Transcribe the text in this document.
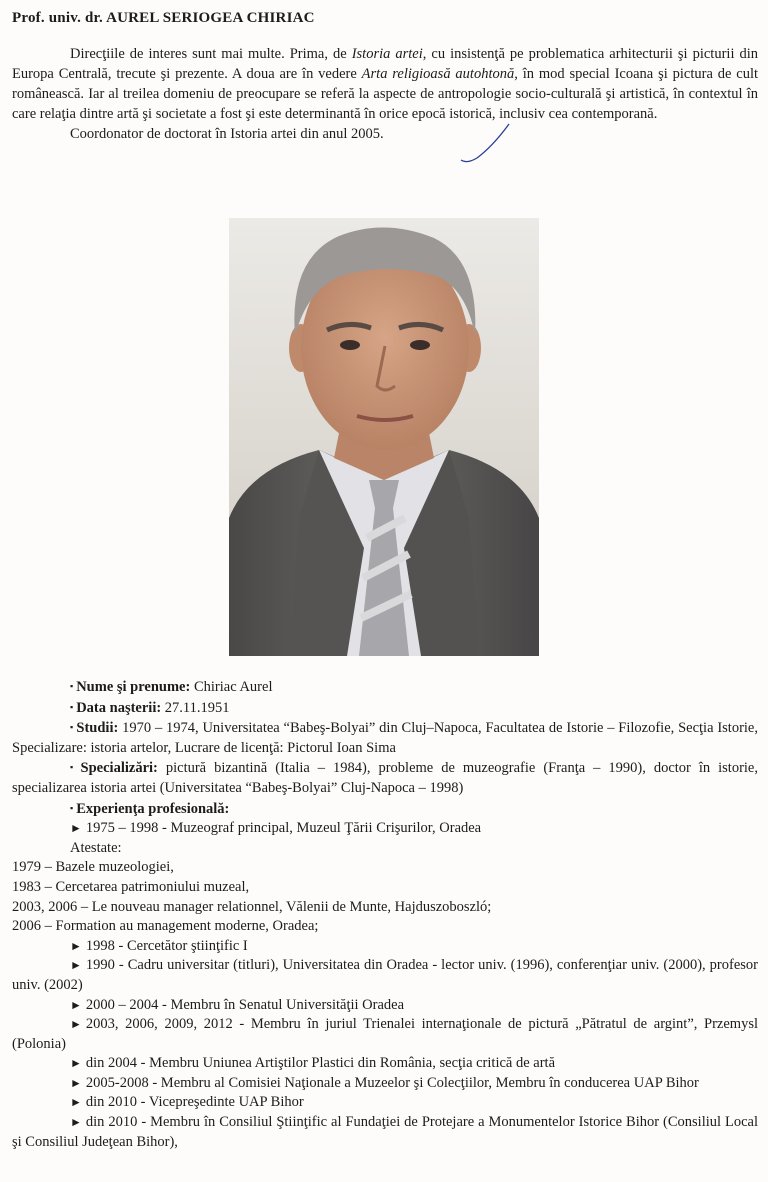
Prof. univ. dr. AUREL SERIOGEA CHIRIAC

Direcţiile de interes sunt mai multe. Prima, de Istoria artei, cu insistenţă pe problematica arhitecturii şi picturii din Europa Centrală, trecute şi prezente. A doua are în vedere Arta religioasă autohtonă, în mod special Icoana şi pictura de cult românească. Iar al treilea domeniu de preocupare se referă la aspecte de antropologie socio-culturală şi artistică, în contextul în care relaţia dintre artă şi societate a fost şi este determinantă în orice epocă istorică, inclusiv cea contemporană.

Coordonator de doctorat în Istoria artei din anul 2005.

▪ Nume şi prenume: Chiriac Aurel

▪ Data naşterii: 27.11.1951

▪ Studii: 1970 – 1974, Universitatea “Babeş-Bolyai” din Cluj–Napoca, Facultatea de Istorie – Filozofie, Secţia Istorie, Specializare: istoria artelor, Lucrare de licenţă: Pictorul Ioan Sima

▪ Specializări: pictură bizantină (Italia – 1984), probleme de muzeografie (Franţa – 1990), doctor în istorie, specializarea istoria artei (Universitatea “Babeş-Bolyai” Cluj-Napoca – 1998)

▪ Experienţa profesională:

► 1975 – 1998 - Muzeograf principal, Muzeul Ţării Crişurilor, Oradea

Atestate:

1979 – Bazele muzeologiei,

1983 – Cercetarea patrimoniului muzeal,

2003, 2006 – Le nouveau manager relationnel, Vălenii de Munte, Hajduszoboszló;

2006 – Formation au management moderne, Oradea;

► 1998 - Cercetător ştiinţific I

► 1990 - Cadru universitar (titluri), Universitatea din Oradea - lector univ. (1996), conferenţiar univ. (2000), profesor univ. (2002)

► 2000 – 2004 - Membru în Senatul Universităţii Oradea

► 2003, 2006, 2009, 2012 - Membru în juriul Trienalei internaţionale de pictură „Pătratul de argint”, Przemysl (Polonia)

► din 2004 - Membru Uniunea Artiştilor Plastici din România, secţia critică de artă

► 2005-2008 - Membru al Comisiei Naţionale a Muzeelor şi Colecţiilor, Membru în conducerea UAP Bihor

► din 2010 - Vicepreşedinte UAP Bihor

► din 2010 - Membru în Consiliul Ştiinţific al Fundaţiei de Protejare a Monumentelor Istorice Bihor (Consiliul Local şi Consiliul Judeţean Bihor),
